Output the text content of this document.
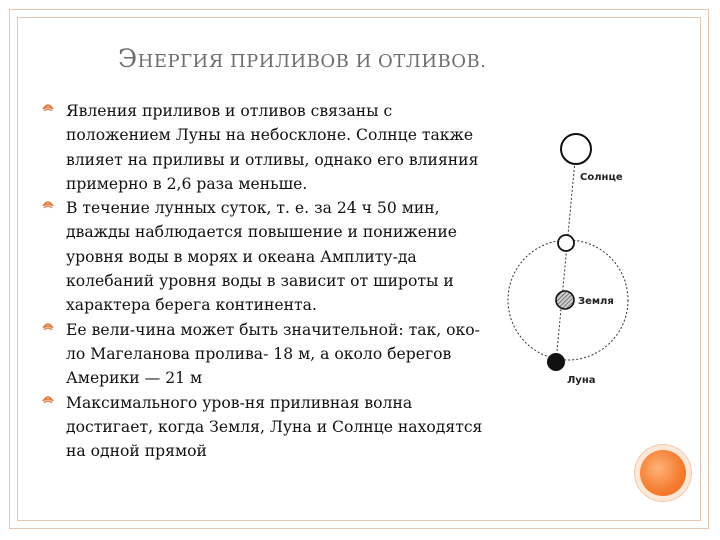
ЭНЕРГИЯ ПРИЛИВОВ И ОТЛИВОВ.
Явления приливов и отливов связаны с положением Луны на небосклоне. Солнце также влияет на приливы и отливы, однако его влияния примерно в 2,6 раза меньше.
В течение лунных суток, т. е. за 24 ч 50 мин, дважды наблюдается повышение и понижение уровня воды в морях и океана Амплиту-да колебаний уровня воды в зависит от широты и характера берега континента.
Ее вели-чина может быть значительной: так, око-ло Магеланова пролива- 18 м, а около берегов Америки — 21 м
Максимального уров-ня приливная волна достигает, когда Земля, Луна и Солнце находятся на одной прямой
Солнце
Земля
Луна
